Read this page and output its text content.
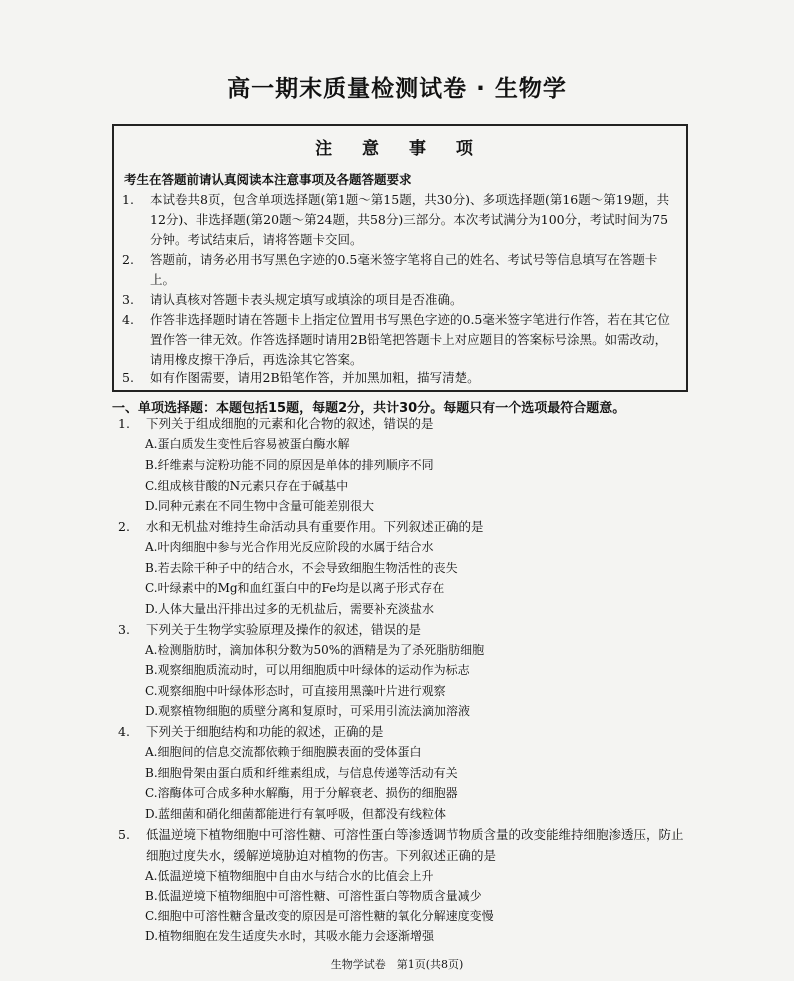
高一期末质量检测试卷 · 生物学
注 意 事 项
考生在答题前请认真阅读本注意事项及各题答题要求
1.	本试卷共8页，包含单项选择题(第1题～第15题，共30分)、多项选择题(第16题～第19题，共12分)、非选择题(第20题～第24题，共58分)三部分。本次考试满分为100分，考试时间为75分钟。考试结束后，请将答题卡交回。
2.	答题前，请务必用书写黑色字迹的0.5毫米签字笔将自己的姓名、考试号等信息填写在答题卡上。
3.	请认真核对答题卡表头规定填写或填涂的项目是否准确。
4.	作答非选择题时请在答题卡上指定位置用书写黑色字迹的0.5毫米签字笔进行作答，若在其它位置作答一律无效。作答选择题时请用2B铅笔把答题卡上对应题目的答案标号涂黑。如需改动，请用橡皮擦干净后，再选涂其它答案。
5.	如有作图需要，请用2B铅笔作答，并加黑加粗，描写清楚。
一、单项选择题：本题包括15题，每题2分，共计30分。每题只有一个选项最符合题意。
1.	下列关于组成细胞的元素和化合物的叙述，错误的是
A.蛋白质发生变性后容易被蛋白酶水解
B.纤维素与淀粉功能不同的原因是单体的排列顺序不同
C.组成核苷酸的N元素只存在于碱基中
D.同种元素在不同生物中含量可能差别很大
2.	水和无机盐对维持生命活动具有重要作用。下列叙述正确的是
A.叶肉细胞中参与光合作用光反应阶段的水属于结合水
B.若去除干种子中的结合水，不会导致细胞生物活性的丧失
C.叶绿素中的Mg和血红蛋白中的Fe均是以离子形式存在
D.人体大量出汗排出过多的无机盐后，需要补充淡盐水
3.	下列关于生物学实验原理及操作的叙述，错误的是
A.检测脂肪时，滴加体积分数为50%的酒精是为了杀死脂肪细胞
B.观察细胞质流动时，可以用细胞质中叶绿体的运动作为标志
C.观察细胞中叶绿体形态时，可直接用黑藻叶片进行观察
D.观察植物细胞的质壁分离和复原时，可采用引流法滴加溶液
4.	下列关于细胞结构和功能的叙述，正确的是
A.细胞间的信息交流都依赖于细胞膜表面的受体蛋白
B.细胞骨架由蛋白质和纤维素组成，与信息传递等活动有关
C.溶酶体可合成多种水解酶，用于分解衰老、损伤的细胞器
D.蓝细菌和硝化细菌都能进行有氧呼吸，但都没有线粒体
5.	低温逆境下植物细胞中可溶性糖、可溶性蛋白等渗透调节物质含量的改变能维持细胞渗透压，防止细胞过度失水，缓解逆境胁迫对植物的伤害。下列叙述正确的是
A.低温逆境下植物细胞中自由水与结合水的比值会上升
B.低温逆境下植物细胞中可溶性糖、可溶性蛋白等物质含量减少
C.细胞中可溶性糖含量改变的原因是可溶性糖的氧化分解速度变慢
D.植物细胞在发生适度失水时，其吸水能力会逐渐增强
生物学试卷　第1页(共8页)
